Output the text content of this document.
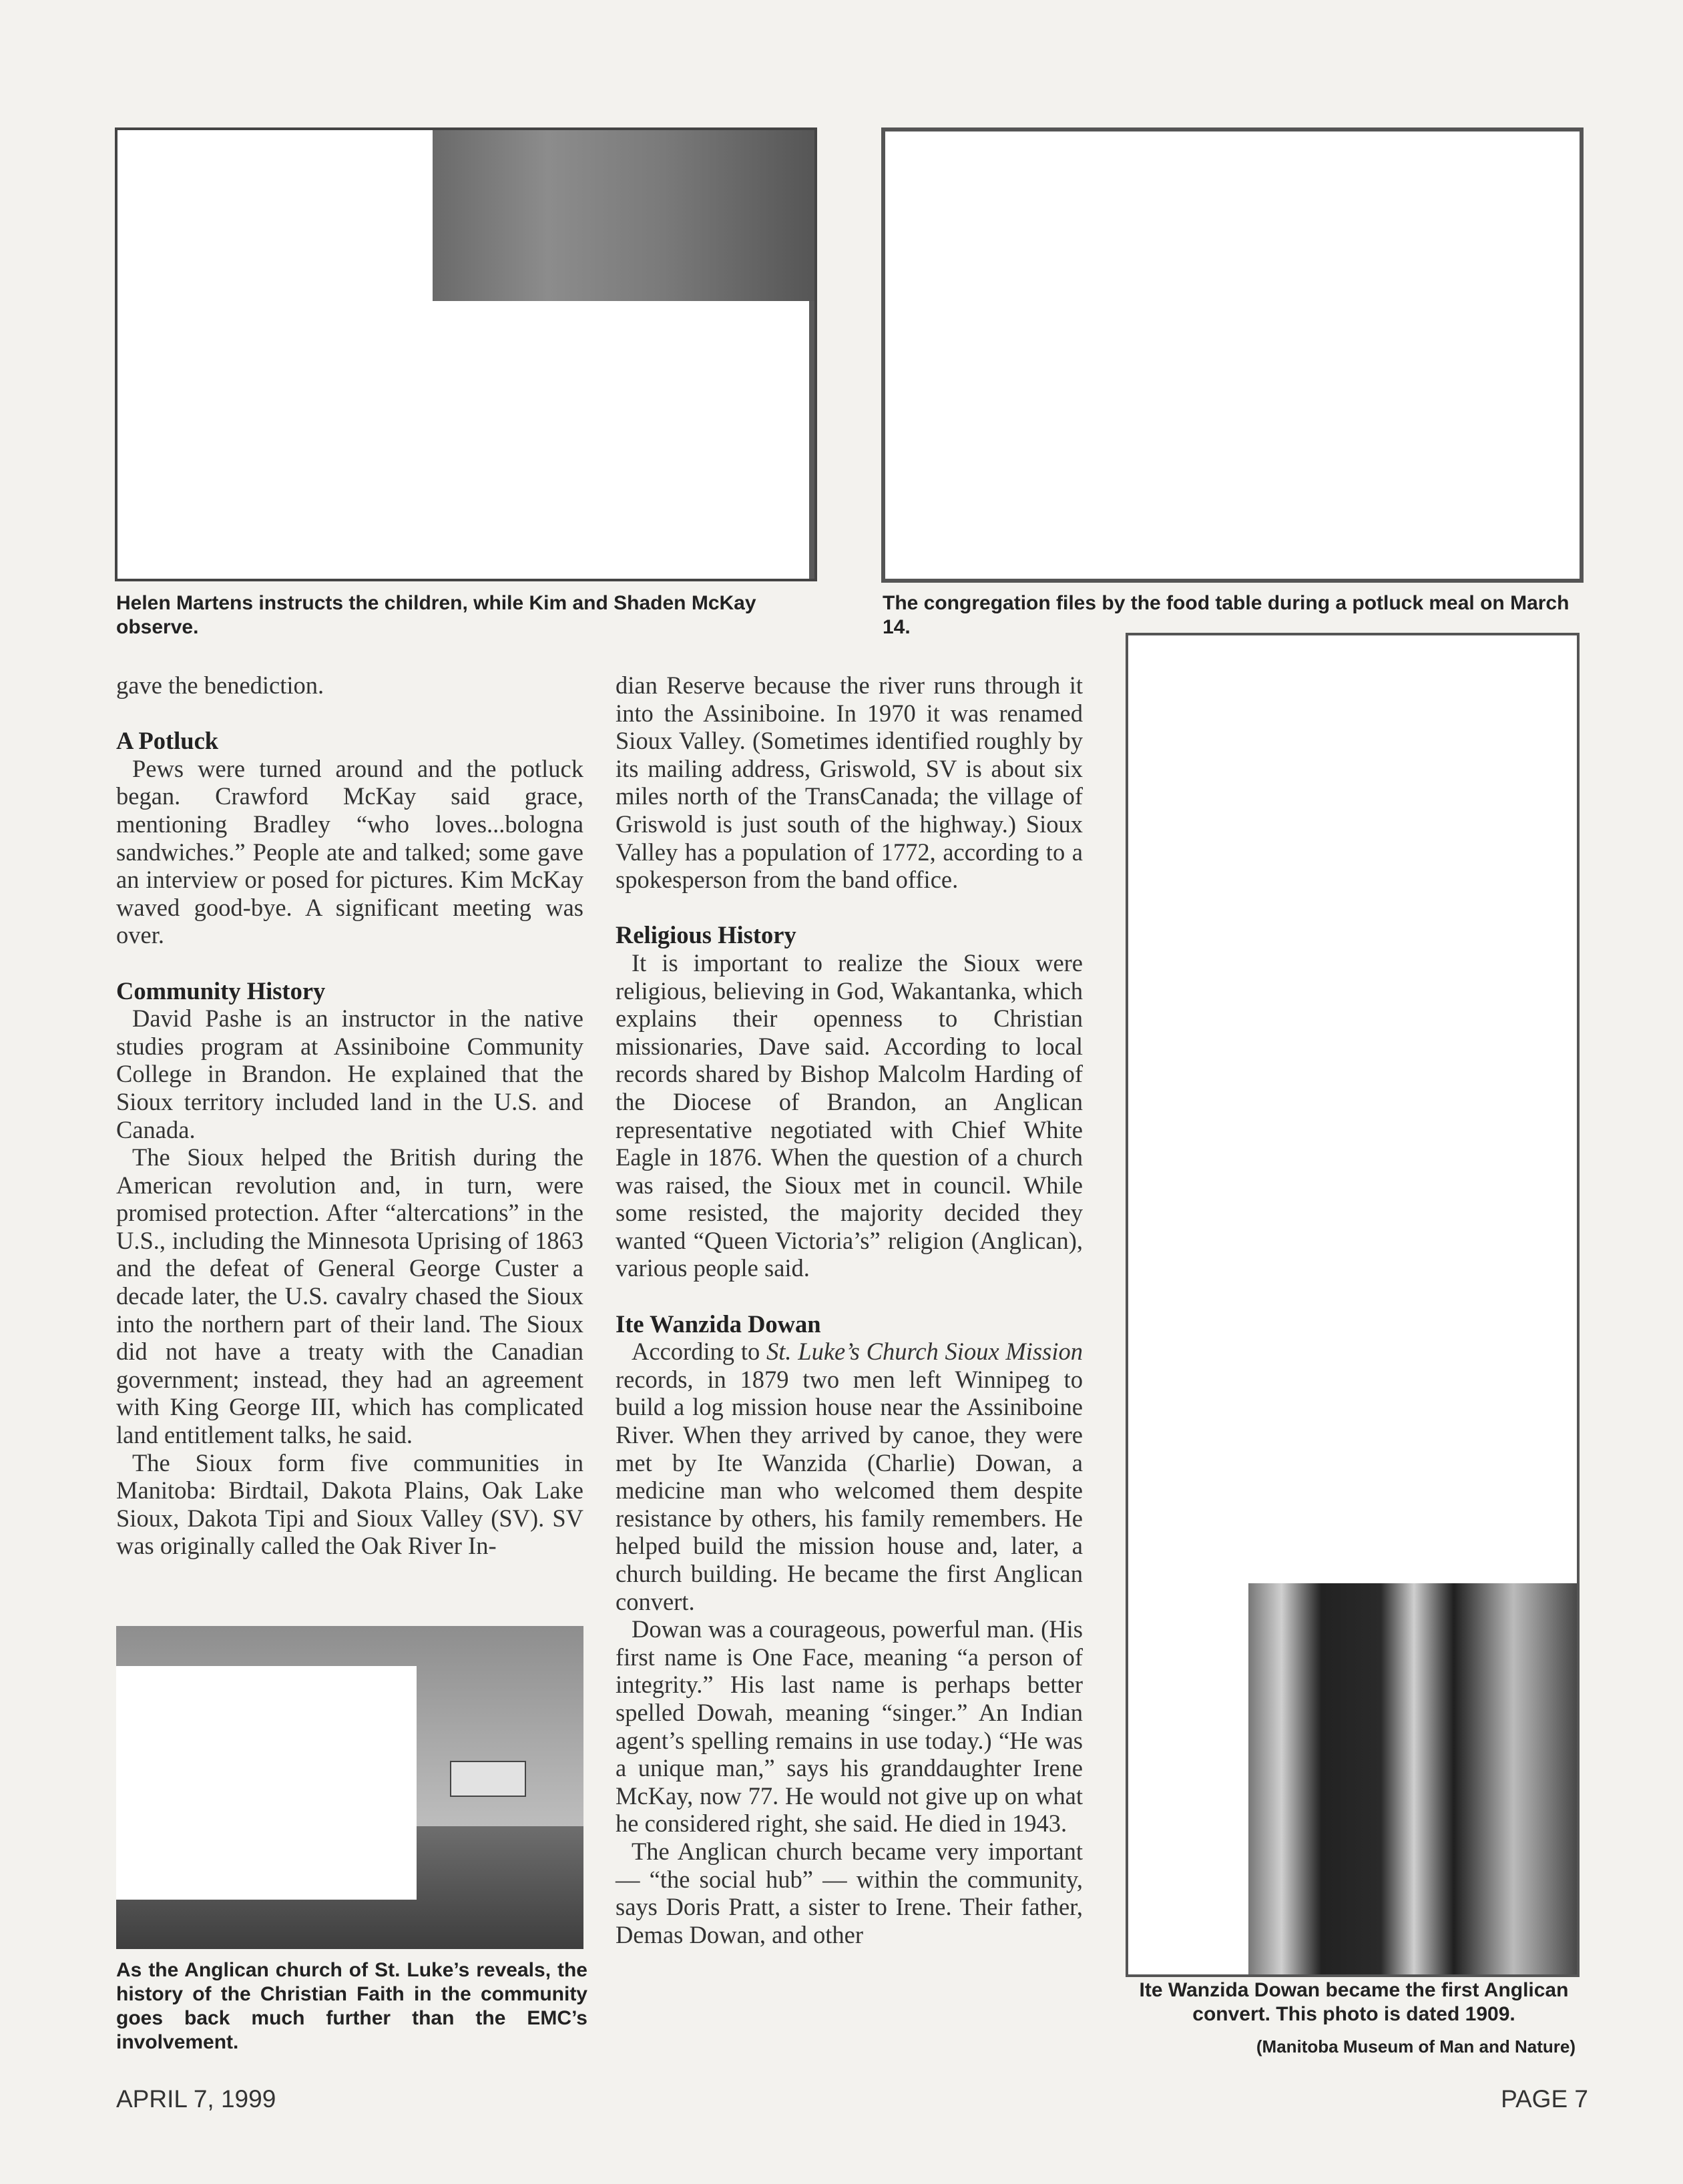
Helen Martens instructs the children, while Kim and Shaden McKay observe.
The congregation files by the food table during a potluck meal on March 14.

gave the benediction.

A Potluck

Pews were turned around and the potluck began. Crawford McKay said grace, mentioning Bradley “who loves...bologna sandwiches.” People ate and talked; some gave an interview or posed for pictures. Kim McKay waved good-bye. A significant meeting was over.

Community History

David Pashe is an instructor in the native studies program at Assiniboine Community College in Brandon. He explained that the Sioux territory included land in the U.S. and Canada.

The Sioux helped the British during the American revolution and, in turn, were promised protection. After “altercations” in the U.S., including the Minnesota Uprising of 1863 and the defeat of General George Custer a decade later, the U.S. cavalry chased the Sioux into the northern part of their land. The Sioux did not have a treaty with the Canadian government; instead, they had an agreement with King George III, which has complicated land entitlement talks, he said.

The Sioux form five communities in Manitoba: Birdtail, Dakota Plains, Oak Lake Sioux, Dakota Tipi and Sioux Valley (SV). SV was originally called the Oak River In-

As the Anglican church of St. Luke’s reveals, the history of the Christian Faith in the community goes back much further than the EMC’s involvement.

dian Reserve because the river runs through it into the Assiniboine. In 1970 it was renamed Sioux Valley. (Sometimes identified roughly by its mailing address, Griswold, SV is about six miles north of the TransCanada; the village of Griswold is just south of the highway.) Sioux Valley has a population of 1772, according to a spokesperson from the band office.

Religious History

It is important to realize the Sioux were religious, believing in God, Wakantanka, which explains their openness to Christian missionaries, Dave said. According to local records shared by Bishop Malcolm Harding of the Diocese of Brandon, an Anglican representative negotiated with Chief White Eagle in 1876. When the question of a church was raised, the Sioux met in council. While some resisted, the majority decided they wanted “Queen Victoria’s” religion (Anglican), various people said.

Ite Wanzida Dowan

According to St. Luke’s Church Sioux Mission records, in 1879 two men left Winnipeg to build a log mission house near the Assiniboine River. When they arrived by canoe, they were met by Ite Wanzida (Charlie) Dowan, a medicine man who welcomed them despite resistance by others, his family remembers. He helped build the mission house and, later, a church building. He became the first Anglican convert.

Dowan was a courageous, powerful man. (His first name is One Face, meaning “a person of integrity.” His last name is perhaps better spelled Dowah, meaning “singer.” An Indian agent’s spelling remains in use today.) “He was a unique man,” says his granddaughter Irene McKay, now 77. He would not give up on what he considered right, she said. He died in 1943.

The Anglican church became very important — “the social hub” — within the community, says Doris Pratt, a sister to Irene. Their father, Demas Dowan, and other

Ite Wanzida Dowan became the first Anglican convert. This photo is dated 1909.
(Manitoba Museum of Man and Nature)
APRIL 7, 1999	PAGE 7
